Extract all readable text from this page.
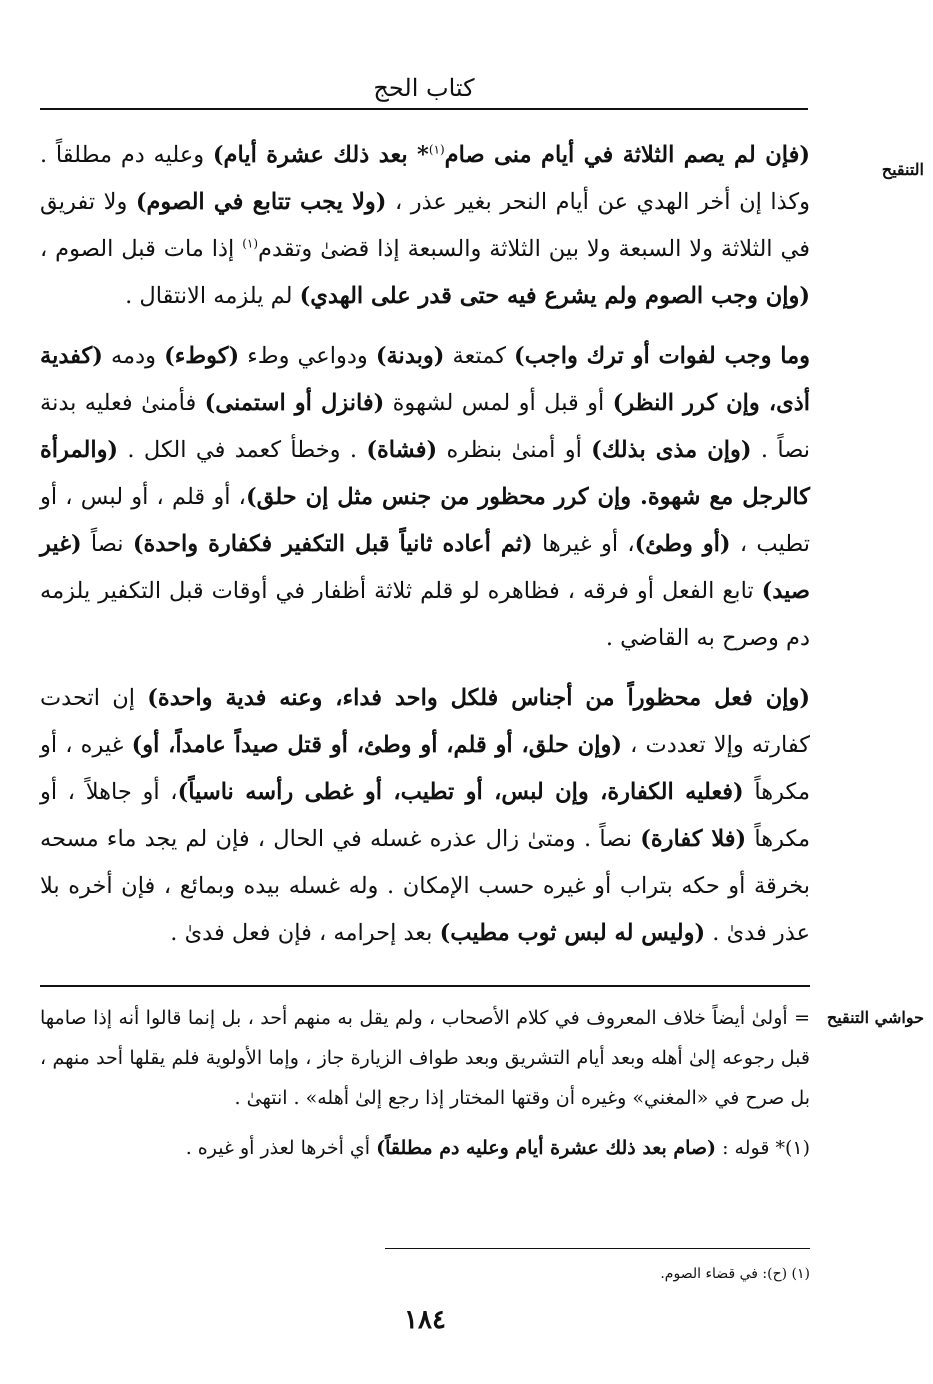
كتاب الحج
التنقيح

(فإن لم يصم الثلاثة في أيام منى صام$^{(١)}$* بعد ذلك عشرة أيام) وعليه دم مطلقاً . وكذا إن أخر الهدي عن أيام النحر بغير عذر ، (ولا يجب تتابع في الصوم) ولا تفريق في الثلاثة ولا السبعة ولا بين الثلاثة والسبعة إذا قضىٰ وتقدم$^{(١)}$ إذا مات قبل الصوم ، (وإن وجب الصوم ولم يشرع فيه حتى قدر على الهدي) لم يلزمه الانتقال .

وما وجب لفوات أو ترك واجب) كمتعة (وبدنة) ودواعي وطء (كوطء) ودمه (كفدية أذى، وإن كرر النظر) أو قبل أو لمس لشهوة (فانزل أو استمنى) فأمنىٰ فعليه بدنة نصاً . (وإن مذى بذلك) أو أمنىٰ بنظره (فشاة) . وخطأ كعمد في الكل . (والمرأة كالرجل مع شهوة. وإن كرر محظور من جنس مثل إن حلق)، أو قلم ، أو لبس ، أو تطيب ، (أو وطئ)، أو غيرها (ثم أعاده ثانياً قبل التكفير فكفارة واحدة) نصاً (غير صيد) تابع الفعل أو فرقه ، فظاهره لو قلم ثلاثة أظفار في أوقات قبل التكفير يلزمه دم وصرح به القاضي .

(وإن فعل محظوراً من أجناس فلكل واحد فداء، وعنه فدية واحدة) إن اتحدت كفارته وإلا تعددت ، (وإن حلق، أو قلم، أو وطئ، أو قتل صيداً عامداً، أو) غيره ، أو مكرهاً (فعليه الكفارة، وإن لبس، أو تطيب، أو غطى رأسه ناسياً)، أو جاهلاً ، أو مكرهاً (فلا كفارة) نصاً . ومتىٰ زال عذره غسله في الحال ، فإن لم يجد ماء مسحه بخرقة أو حكه بتراب أو غيره حسب الإمكان . وله غسله بيده وبمائع ، فإن أخره بلا عذر فدىٰ . (وليس له لبس ثوب مطيب) بعد إحرامه ، فإن فعل فدىٰ .

حواشي التنقيح

= أولىٰ أيضاً خلاف المعروف في كلام الأصحاب ، ولم يقل به منهم أحد ، بل إنما قالوا أنه إذا صامها قبل رجوعه إلىٰ أهله وبعد أيام التشريق وبعد طواف الزيارة جاز ، وإما الأولوية فلم يقلها أحد منهم ، بل صرح في «المغني» وغيره أن وقتها المختار إذا رجع إلىٰ أهله» . انتهىٰ .

(١)* قوله : (صام بعد ذلك عشرة أيام وعليه دم مطلقاً) أي أخرها لعذر أو غيره .

(١) (ح): في قضاء الصوم.
١٨٤
